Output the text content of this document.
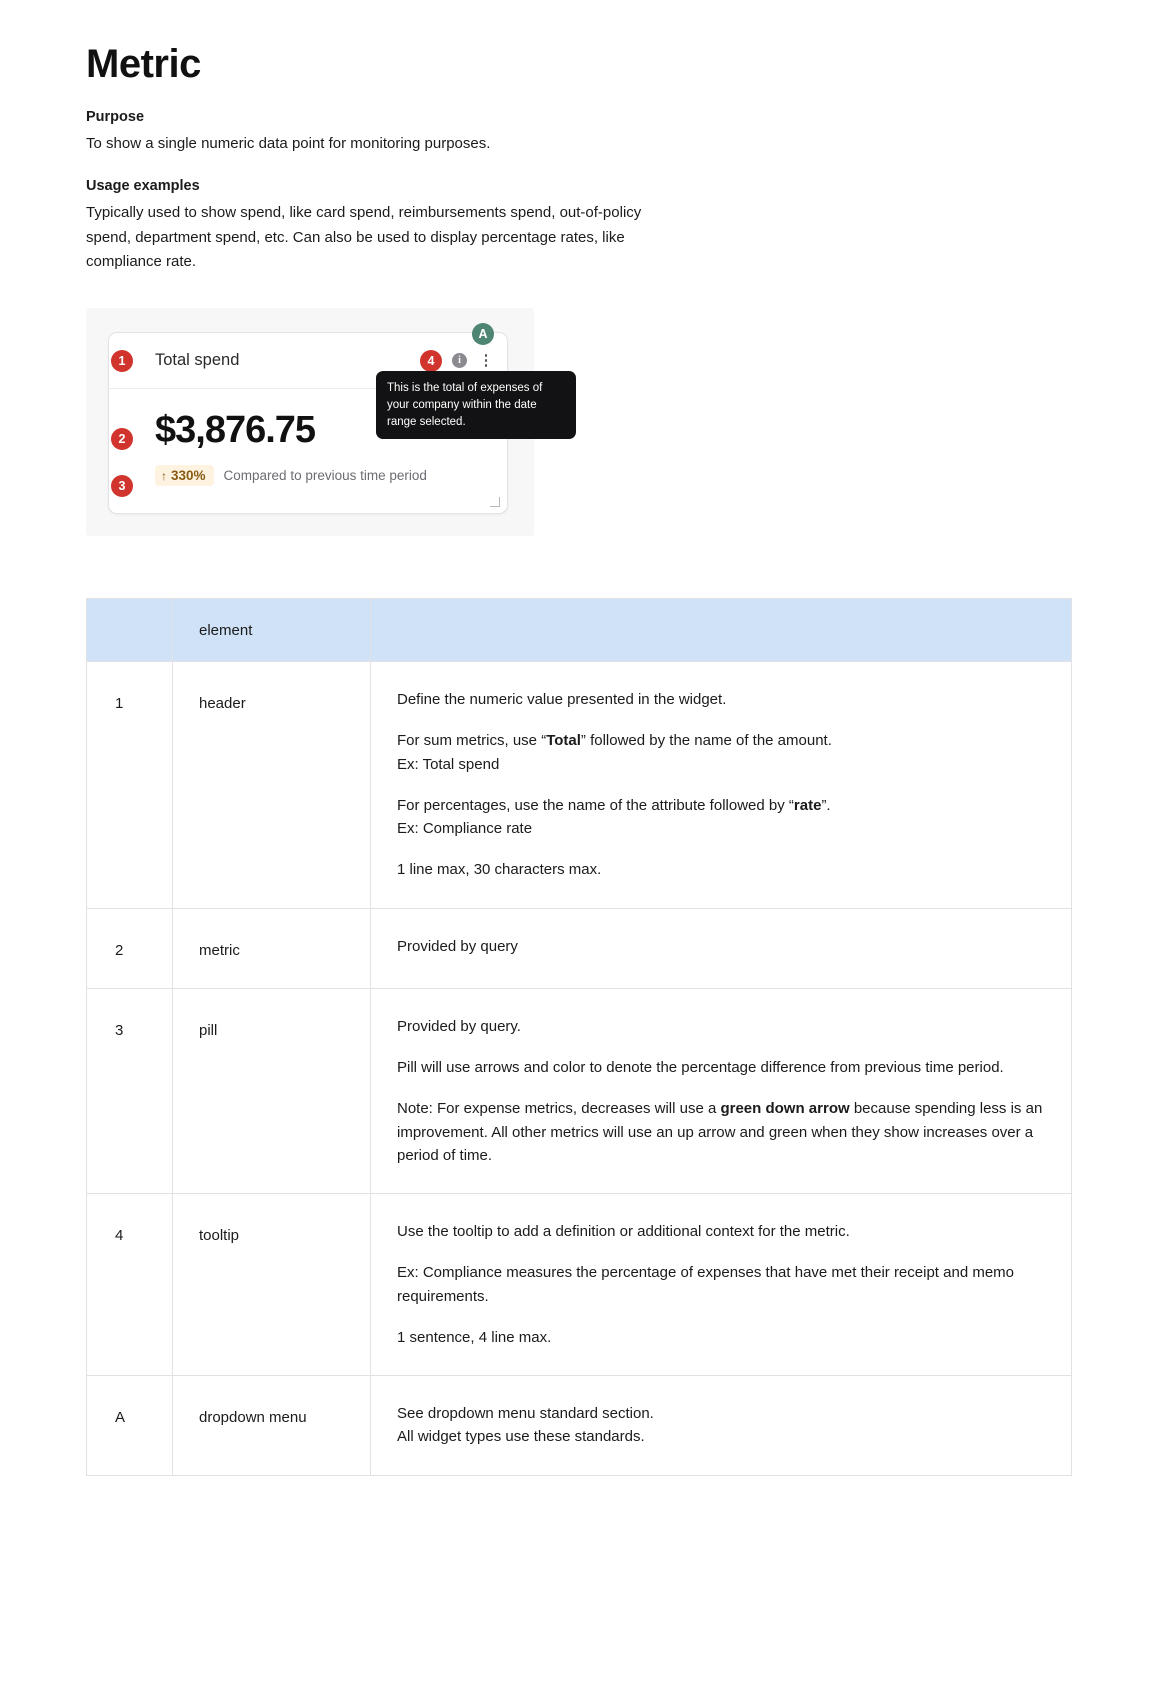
Metric
Purpose

To show a single numeric data point for monitoring purposes.

Usage examples

Typically used to show spend, like card spend, reimbursements spend, out-of-policy spend, department spend, etc. Can also be used to display percentage rates, like compliance rate.

Total spend	i
$3,876.75
↑ 330% Compared to previous time period
1
2
3
4
A
This is the total of expenses of your company within the date range selected.
	element	
1	header	Define the numeric value presented in the widget.

For sum metrics, use “Total” followed by the name of the amount.

Ex: Total spend

For percentages, use the name of the attribute followed by “rate”.

Ex: Compliance rate

1 line max, 30 characters max.

2	metric	Provided by query

3	pill	Provided by query.

Pill will use arrows and color to denote the percentage difference from previous time period.

Note: For expense metrics, decreases will use a green down arrow because spending less is an improvement. All other metrics will use an up arrow and green when they show increases over a period of time.

4	tooltip	Use the tooltip to add a definition or additional context for the metric.

Ex: Compliance measures the percentage of expenses that have met their receipt and memo requirements.

1 sentence, 4 line max.

A	dropdown menu	See dropdown menu standard section.

All widget types use these standards.
